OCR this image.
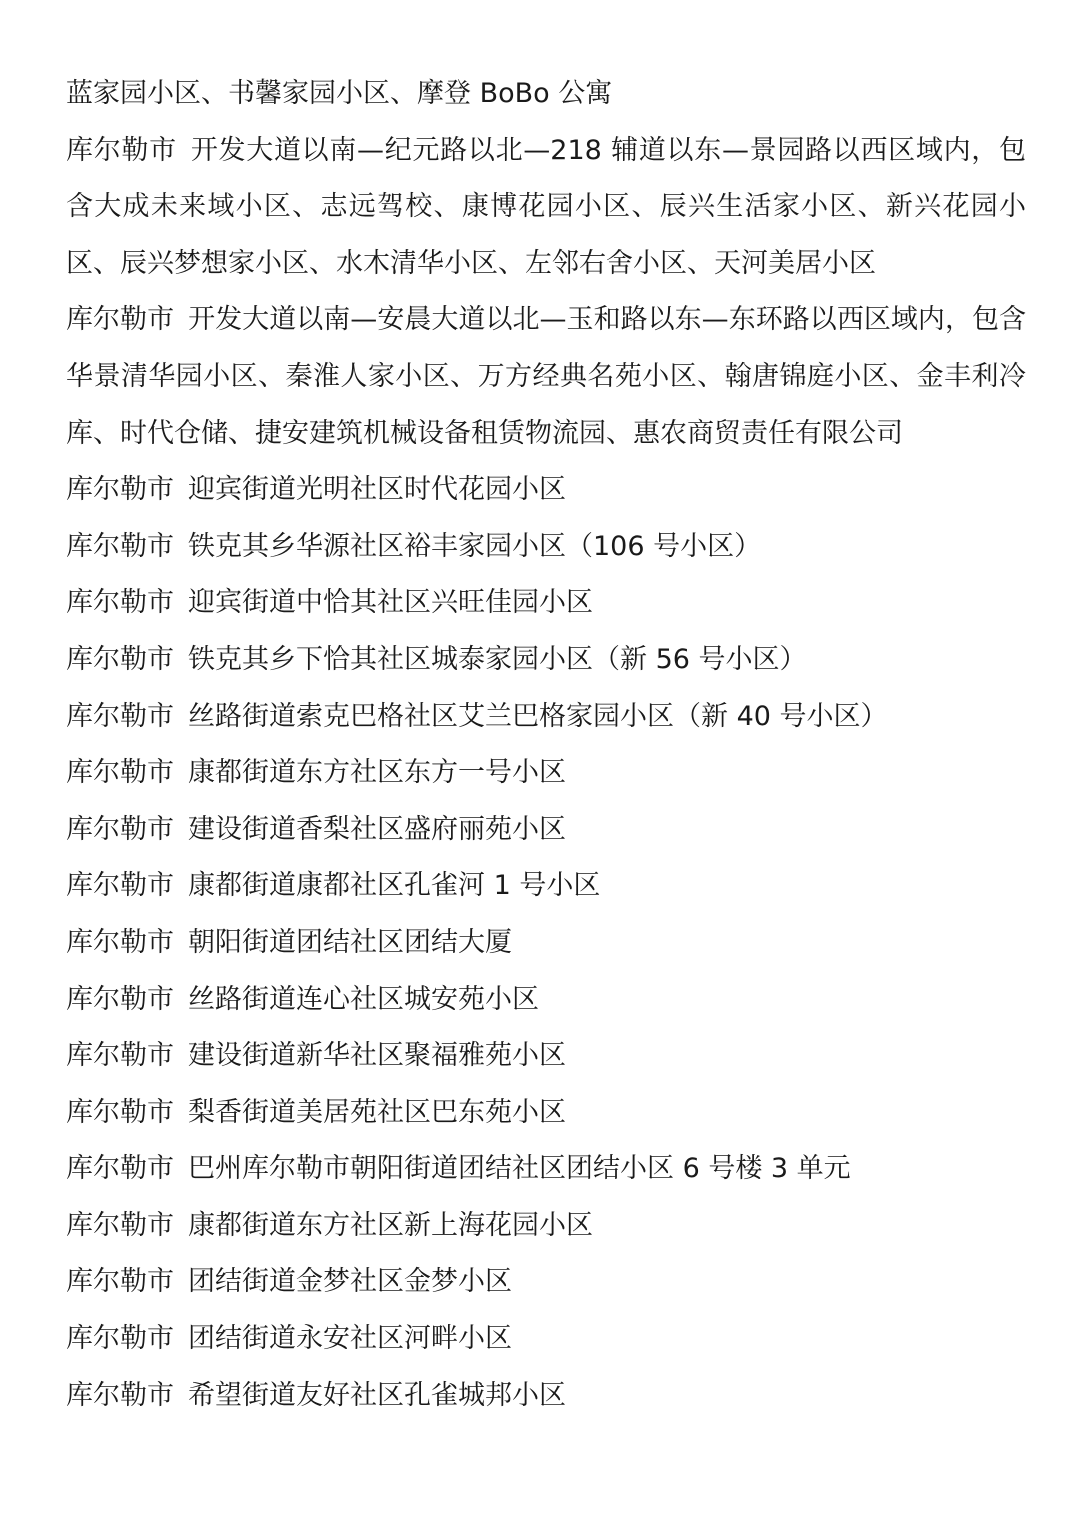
蓝家园小区、书馨家园小区、摩登 BoBo 公寓

库尔勒市 开发大道以南—纪元路以北—218 辅道以东—景园路以西区域内，包含大成未来域小区、志远驾校、康博花园小区、辰兴生活家小区、新兴花园小区、辰兴梦想家小区、水木清华小区、左邻右舍小区、天河美居小区

库尔勒市 开发大道以南—安晨大道以北—玉和路以东—东环路以西区域内，包含华景清华园小区、秦淮人家小区、万方经典名苑小区、翰唐锦庭小区、金丰利冷库、时代仓储、捷安建筑机械设备租赁物流园、惠农商贸责任有限公司

库尔勒市 迎宾街道光明社区时代花园小区

库尔勒市 铁克其乡华源社区裕丰家园小区（106 号小区）

库尔勒市 迎宾街道中恰其社区兴旺佳园小区

库尔勒市 铁克其乡下恰其社区城泰家园小区（新 56 号小区）

库尔勒市 丝路街道索克巴格社区艾兰巴格家园小区（新 40 号小区）

库尔勒市 康都街道东方社区东方一号小区

库尔勒市 建设街道香梨社区盛府丽苑小区

库尔勒市 康都街道康都社区孔雀河 1 号小区

库尔勒市 朝阳街道团结社区团结大厦

库尔勒市 丝路街道连心社区城安苑小区

库尔勒市 建设街道新华社区聚福雅苑小区

库尔勒市 梨香街道美居苑社区巴东苑小区

库尔勒市 巴州库尔勒市朝阳街道团结社区团结小区 6 号楼 3 单元

库尔勒市 康都街道东方社区新上海花园小区

库尔勒市 团结街道金梦社区金梦小区

库尔勒市 团结街道永安社区河畔小区

库尔勒市 希望街道友好社区孔雀城邦小区
